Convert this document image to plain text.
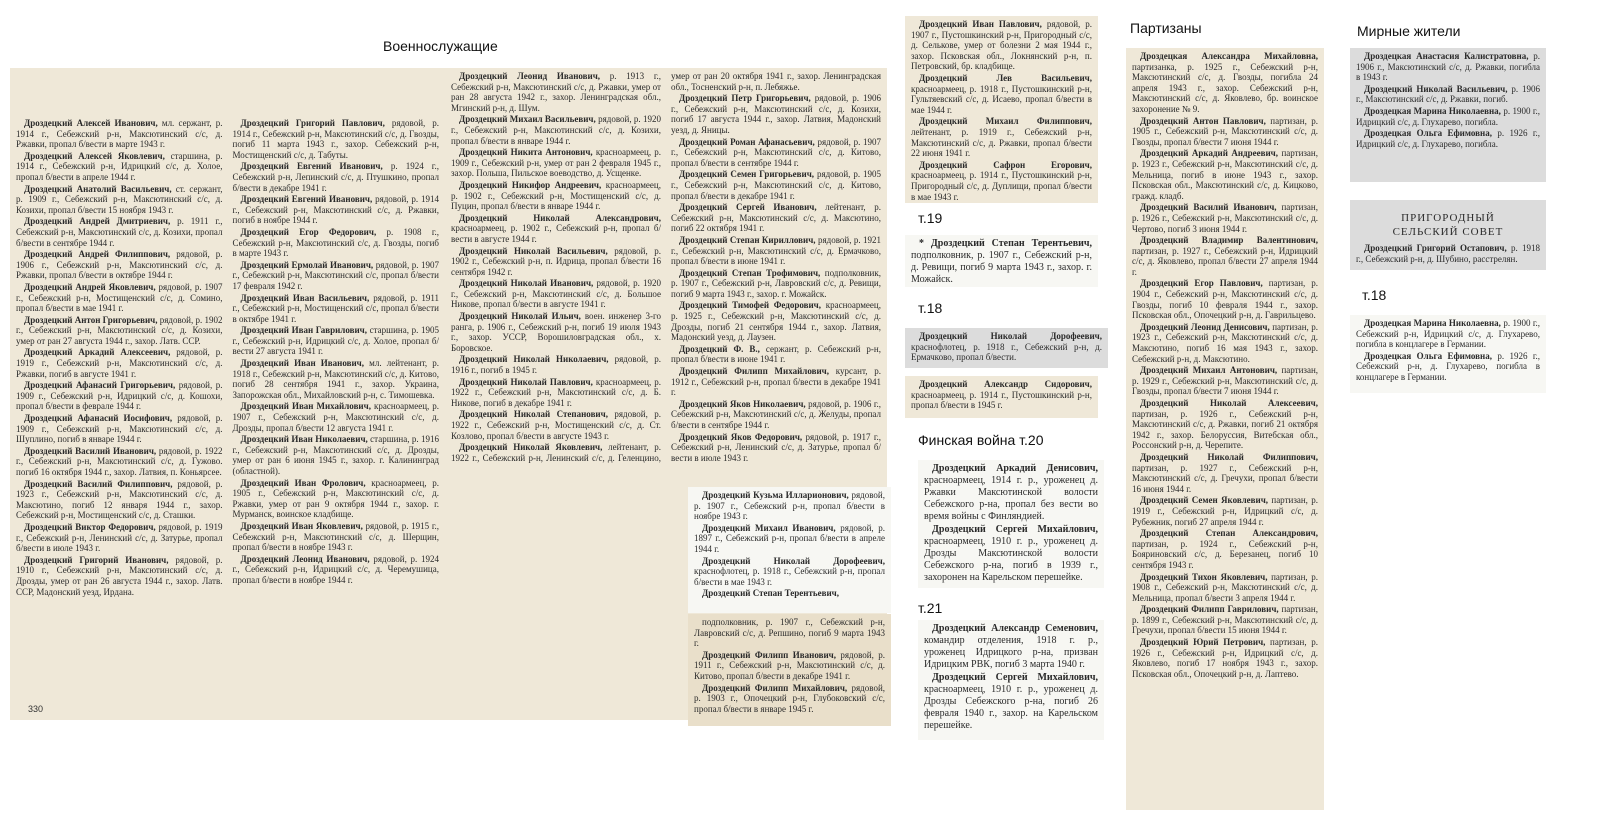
Военнослужащие
Партизаны	Мирные жители
Финская война т.20
т.19
т.18
т.21
т.18
Дроздецкий Алексей Иванович, мл. сержант, р. 1914 г., Себежский р-н, Максютинский с/с, д. Ржавки, пропал б/вести в марте 1943 г.
Дроздецкий Алексей Яковлевич, старшина, р. 1914 г., Себежский р-н, Идрицкий с/с, д. Холое, пропал б/вести в апреле 1944 г.
Дроздецкий Анатолий Васильевич, ст. сержант, р. 1909 г., Себежский р-н, Максютинский с/с, д. Козихи, пропал б/вести 15 ноября 1943 г.
Дроздецкий Андрей Дмитриевич, р. 1911 г., Себежский р-н, Максютинский с/с, д. Козихи, пропал б/вести в сентябре 1944 г.
Дроздецкий Андрей Филиппович, рядовой, р. 1906 г., Себежский р-н, Максютинский с/с, д. Ржавки, пропал б/вести в октябре 1944 г.
Дроздецкий Андрей Яковлевич, рядовой, р. 1907 г., Себежский р-н, Мостищенский с/с, д. Сомино, пропал б/вести в мае 1941 г.
Дроздецкий Антон Григорьевич, рядовой, р. 1902 г., Себежский р-н, Максютинский с/с, д. Козихи, умер от ран 27 августа 1944 г., захор. Латв. ССР.
Дроздецкий Аркадий Алексеевич, рядовой, р. 1919 г., Себежский р-н, Максютинский с/с, д. Ржавки, погиб в августе 1941 г.
Дроздецкий Афанасий Григорьевич, рядовой, р. 1909 г., Себежский р-н, Идрицкий с/с, д. Кошохи, пропал б/вести в феврале 1944 г.
Дроздецкий Афанасий Иосифович, рядовой, р. 1909 г., Себежский р-н, Максютинский с/с, д. Шуплино, погиб в январе 1944 г.
Дроздецкий Василий Иванович, рядовой, р. 1922 г., Себежский р-н, Максютинский с/с, д. Гужово. погиб 16 октября 1944 г., захор. Латвия, п. Коньярсее.
Дроздецкий Василий Филиппович, рядовой, р. 1923 г., Себежский р-н, Максютинский с/с, д. Максютино, погиб 12 января 1944 г., захор. Себежский р-н, Мостищенский с/с, д. Сташки.
Дроздецкий Виктор Федорович, рядовой, р. 1919 г., Себежский р-н, Ленинский с/с, д. Затурье, пропал б/вести в июле 1943 г.
Дроздецкий Григорий Иванович, рядовой, р. 1910 г., Себежский р-н, Максютинский с/с, д. Дрозды, умер от ран 26 августа 1944 г., захор. Латв. ССР, Мадонский уезд, Ирдана.
Дроздецкий Григорий Павлович, рядовой, р. 1914 г., Себежский р-н, Максютинский с/с, д. Гвозды, погиб 11 марта 1943 г., захор. Себежский р-н, Мостищенский с/с, д. Табуты.
Дроздецкий Евгений Иванович, р. 1924 г., Себежский р-н, Лепинский с/с, д. Птушкино, пропал б/вести в декабре 1941 г.
Дроздецкий Евгений Иванович, рядовой, р. 1914 г., Себежский р-н, Максютинский с/с, д. Ржавки, погиб в ноябре 1944 г.
Дроздецкий Егор Федорович, р. 1908 г., Себежский р-н, Максютинский с/с, д. Гвозды, погиб в марте 1943 г.
Дроздецкий Ермолай Иванович, рядовой, р. 1907 г., Себежский р-н, Максютинский с/с, пропал б/вести 17 февраля 1942 г.
Дроздецкий Иван Васильевич, рядовой, р. 1911 г., Себежский р-н, Мостищенский с/с, пропал б/вести в октябре 1941 г.
Дроздецкий Иван Гаврилович, старшина, р. 1905 г., Себежский р-н, Идрицкий с/с, д. Холое, пропал б/вести 27 августа 1941 г.
Дроздецкий Иван Иванович, мл. лейтенант, р. 1918 г., Себежский р-н, Максютинский с/с, д. Китово, погиб 28 сентября 1941 г., захор. Украина, Запорожская обл., Михайловский р-н, с. Тимошевка.
Дроздецкий Иван Михайлович, красноармеец, р. 1907 г., Себежский р-н, Максютинский с/с, д. Дрозды, пропал б/вести 12 августа 1941 г.
Дроздецкий Иван Николаевич, старшина, р. 1916 г., Себежский р-н, Максютинский с/с, д. Дрозды, умер от ран 6 июня 1945 г., захор. г. Калининград (областной).
Дроздецкий Иван Фролович, красноармеец, р. 1905 г., Себежский р-н, Максютинский с/с, д. Ржавки, умер от ран 9 октября 1944 г., захор. г. Мурманск, воинское кладбище.
Дроздецкий Иван Яковлевич, рядовой, р. 1915 г., Себежский р-н, Максютинский с/с, д. Шерщин, пропал б/вести в ноябре 1943 г.
Дроздецкий Леонид Иванович, рядовой, р. 1924 г., Себежский р-н, Идрицкий с/с, д. Черемушица, пропал б/вести в ноябре 1944 г.
330
Дроздецкий Леонид Иванович, р. 1913 г., Себежский р-н, Максютинский с/с, д. Ржавки, умер от ран 28 августа 1942 г., захор. Ленинградская обл., Мгинский р-н, д. Шум.
Дроздецкий Михаил Васильевич, рядовой, р. 1920 г., Себежский р-н, Максютинский с/с, д. Козихи, пропал б/вести в январе 1944 г.
Дроздецкий Никита Антонович, красноармеец, р. 1909 г., Себежский р-н, умер от ран 2 февраля 1945 г., захор. Польша, Пильское воеводство, д. Усщенке.
Дроздецкий Никифор Андреевич, красноармеец, р. 1902 г., Себежский р-н, Мостищенский с/с, д. Пуцин, пропал б/вести в январе 1944 г.
Дроздецкий Николай Александрович, красноармеец, р. 1902 г., Себежский р-н, пропал б/вести в августе 1944 г.
Дроздецкий Николай Васильевич, рядовой, р. 1902 г., Себежский р-н, п. Идрица, пропал б/вести 16 сентября 1942 г.
Дроздецкий Николай Иванович, рядовой, р. 1920 г., Себежский р-н, Максютинский с/с, д. Большое Никове, пропал б/вести в августе 1941 г.
Дроздецкий Николай Ильич, воен. инженер 3-го ранга, р. 1906 г., Себежский р-н, погиб 19 июля 1943 г., захор. УССР, Ворошиловградская обл., х. Боровское.
Дроздецкий Николай Николаевич, рядовой, р. 1916 г., погиб в 1945 г.
Дроздецкий Николай Павлович, красноармеец, р. 1922 г., Себежский р-н, Максютинский с/с, д. Б. Никове, погиб в декабре 1941 г.
Дроздецкий Николай Степанович, рядовой, р. 1922 г., Себежский р-н, Мостищенский с/с, д. Ст. Козлово, пропал б/вести в августе 1943 г.
Дроздецкий Николай Яковлевич, лейтенант, р. 1922 г., Себежский р-н, Ленинский с/с, д. Геленцино, умер от ран 20 октября 1941 г., захор. Ленинградская обл., Тосненский р-н, п. Лебяжье.
Дроздецкий Петр Григорьевич, рядовой, р. 1906 г., Себежский р-н, Максютинский с/с, д. Козихи, погиб 17 августа 1944 г., захор. Латвия, Мадонский уезд, д. Яницы.
Дроздецкий Роман Афанасьевич, рядовой, р. 1907 г., Себежский р-н, Максютинский с/с, д. Китово, пропал б/вести в сентябре 1944 г.
Дроздецкий Семен Григорьевич, рядовой, р. 1905 г., Себежский р-н, Максютинский с/с, д. Китово, пропал б/вести в декабре 1941 г.
Дроздецкий Сергей Иванович, лейтенант, р. Себежский р-н, Максютинский с/с, д. Максютино, погиб 22 октября 1941 г.
Дроздецкий Степан Кириллович, рядовой, р. 1921 г., Себежский р-н, Максютинский с/с, д. Ермачково, пропал б/вести в июне 1941 г.
Дроздецкий Степан Трофимович, подполковник, р. 1907 г., Себежский р-н, Лавровский с/с, д. Ревищи, погиб 9 марта 1943 г., захор. г. Можайск.
Дроздецкий Тимофей Федорович, красноармеец, р. 1925 г., Себежский р-н, Максютинский с/с, д. Дрозды, погиб 21 сентября 1944 г., захор. Латвия, Мадонский уезд, д. Лаузен.
Дроздецкий Ф. В., сержант, р. Себежский р-н, пропал б/вести в июне 1941 г.
Дроздецкий Филипп Михайлович, курсант, р. 1912 г., Себежский р-н, пропал б/вести в декабре 1941 г.
Дроздецкий Яков Николаевич, рядовой, р. 1906 г., Себежский р-н, Максютинский с/с, д. Желуды, пропал б/вести в сентябре 1944 г.
Дроздецкий Яков Федорович, рядовой, р. 1917 г., Себежский р-н, Ленинский с/с, д. Затурье, пропал б/вести в июле 1943 г.
Дроздецкий Кузьма Илларионович, рядовой, р. 1907 г., Себежский р-н, пропал б/вести в ноябре 1943 г.
Дроздецкий Михаил Иванович, рядовой, р. 1897 г., Себежский р-н, пропал б/вести в апреле 1944 г.
Дроздецкий Николай Дорофеевич, краснофлотец, р. 1918 г., Себежский р-н, пропал б/вести в мае 1943 г.
Дроздецкий Степан Терентьевич,
подполковник, р. 1907 г., Себежский р-н, Лавровский с/с, д. Репшино, погиб 9 марта 1943 г.
Дроздецкий Филипп Иванович, рядовой, р. 1911 г., Себежский р-н, Максютинский с/с, д. Китово, пропал б/вести в декабре 1941 г.
Дроздецкий Филипп Михайлович, рядовой, р. 1903 г., Опочецкий р-н, Глубоковский с/с, пропал б/вести в январе 1945 г.
Дроздецкий Иван Павлович, рядовой, р. 1907 г., Пустошкинский р-н, Пригородный с/с, д. Селькове, умер от болезни 2 мая 1944 г., захор. Псковская обл., Локнянский р-н, п. Петровский, бр. кладбище.
Дроздецкий Лев Васильевич, красноармеец, р. 1918 г., Пустошкинский р-н, Гультяевский с/с, д. Исаево, пропал б/вести в мае 1944 г.
Дроздецкий Михаил Филиппович, лейтенант, р. 1919 г., Себежский р-н, Максютинский с/с, д. Ржавки, пропал б/вести 22 июня 1941 г.
Дроздецкий Сафрон Егорович, красноармеец, р. 1914 г., Пустошкинский р-н, Пригородный с/с, д. Дуплищи, пропал б/вести в мае 1943 г.
* Дроздецкий Степан Терентьевич, подполковник, р. 1907 г., Себежский р-н, д. Ревищи, погиб 9 марта 1943 г., захор. г. Можайск.
Дроздецкий Николай Дорофеевич, краснофлотец, р. 1918 г., Себежский р-н, д. Ермачково, пропал б/вести.
Дроздецкий Александр Сидорович, красноармеец, р. 1914 г., Пустошкинский р-н, пропал б/вести в 1945 г.
Дроздецкий Аркадий Денисович, красноармеец, 1914 г. р., уроженец д. Ржавки Максютинской волости Себежского р-на, пропал без вести во время войны с Финляндией.
Дроздецкий Сергей Михайлович, красноармеец, 1910 г. р., уроженец д. Дрозды Максютинской волости Себежского р-на, погиб в 1939 г., захоронен на Карельском перешейке.
Дроздецкий Александр Семенович, командир отделения, 1918 г. р., уроженец Идрицкого р-на, призван Идрицким РВК, погиб 3 марта 1940 г.
Дроздецкий Сергей Михайлович, красноармеец, 1910 г. р., уроженец д. Дрозды Себежского р-на, погиб 26 февраля 1940 г., захор. на Карельском перешейке.
Дроздецкая Александра Михайловна, партизанка, р. 1925 г., Себежский р-н, Максютинский с/с, д. Гвозды, погибла 24 апреля 1943 г., захор. Себежский р-н, Максютинский с/с, д. Яковлево, бр. воинское захоронение № 9.
Дроздецкий Антон Павлович, партизан, р. 1905 г., Себежский р-н, Максютинский с/с, д. Гвозды, пропал б/вести 7 июня 1944 г.
Дроздецкий Аркадий Андреевич, партизан, р. 1923 г., Себежский р-н, Максютинский с/с, д. Мельница, погиб в июне 1943 г., захор. Псковская обл., Максютинский с/с, д. Кицково, гражд. кладб.
Дроздецкий Василий Иванович, партизан, р. 1926 г., Себежский р-н, Максютинский с/с, д. Чертово, погиб 3 июня 1944 г.
Дроздецкий Владимир Валентинович, партизан, р. 1927 г., Себежский р-н, Идрицкий с/с, д. Яковлево, пропал б/вести 27 апреля 1944 г.
Дроздецкий Егор Павлович, партизан, р. 1904 г., Себежский р-н, Максютинский с/с, д. Гвозды, погиб 10 февраля 1944 г., захор. Псковская обл., Опочецкий р-н, д. Гаврильцево.
Дроздецкий Леонид Денисович, партизан, р. 1923 г., Себежский р-н, Максютинский с/с, д. Максютино, погиб 16 мая 1943 г., захор. Себежский р-н, д. Максютино.
Дроздецкий Михаил Антонович, партизан, р. 1929 г., Себежский р-н, Максютинский с/с, д. Гвозды, пропал б/вести 7 июня 1944 г.
Дроздецкий Николай Алексеевич, партизан, р. 1926 г., Себежский р-н, Максютинский с/с, д. Ржавки, погиб 21 октября 1942 г., захор. Белоруссия, Витебская обл., Россонский р-н, д. Черепите.
Дроздецкий Николай Филиппович, партизан, р. 1927 г., Себежский р-н, Максютинский с/с, д. Гречухи, пропал б/вести 16 июня 1944 г.
Дроздецкий Семен Яковлевич, партизан, р. 1919 г., Себежский р-н, Идрицкий с/с, д. Рубежник, погиб 27 апреля 1944 г.
Дроздецкий Степан Александрович, партизан, р. 1924 г., Себежский р-н, Бояриновский с/с, д. Березанец, погиб 10 сентября 1943 г.
Дроздецкий Тихон Яковлевич, партизан, р. 1908 г., Себежский р-н, Максютинский с/с, д. Мельница, пропал б/вести 3 апреля 1944 г.
Дроздецкий Филипп Гаврилович, партизан, р. 1899 г., Себежский р-н, Максютинский с/с, д. Гречухи, пропал б/вести 15 июня 1944 г.
Дроздецкий Юрий Петрович, партизан, р. 1926 г., Себежский р-н, Идрицкий с/с, д. Яковлево, погиб 17 ноября 1943 г., захор. Псковская обл., Опочецкий р-н, д. Лаптево.
Дроздецкая Анастасия Калистратовна, р. 1906 г., Максютинский с/с, д. Ржавки, погибла в 1943 г.
Дроздецкий Николай Васильевич, р. 1906 г., Максютинский с/с, д. Ржавки, погиб.
Дроздецкая Марина Николаевна, р. 1900 г., Идрицкий с/с, д. Глухарево, погибла.
Дроздецкая Ольга Ефимовна, р. 1926 г., Идрицкий с/с, д. Глухарево, погибла.
ПРИГОРОДНЫЙ
СЕЛЬСКИЙ СОВЕТ
Дроздецкий Григорий Остапович, р. 1918 г., Себежский р-н, д. Шубино, расстрелян.
Дроздецкая Марина Николаевна, р. 1900 г., Себежский р-н, Идрицкий с/с, д. Глухарево, погибла в концлагере в Германии.
Дроздецкая Ольга Ефимовна, р. 1926 г., Себежский р-н, д. Глухарево, погибла в концлагере в Германии.
